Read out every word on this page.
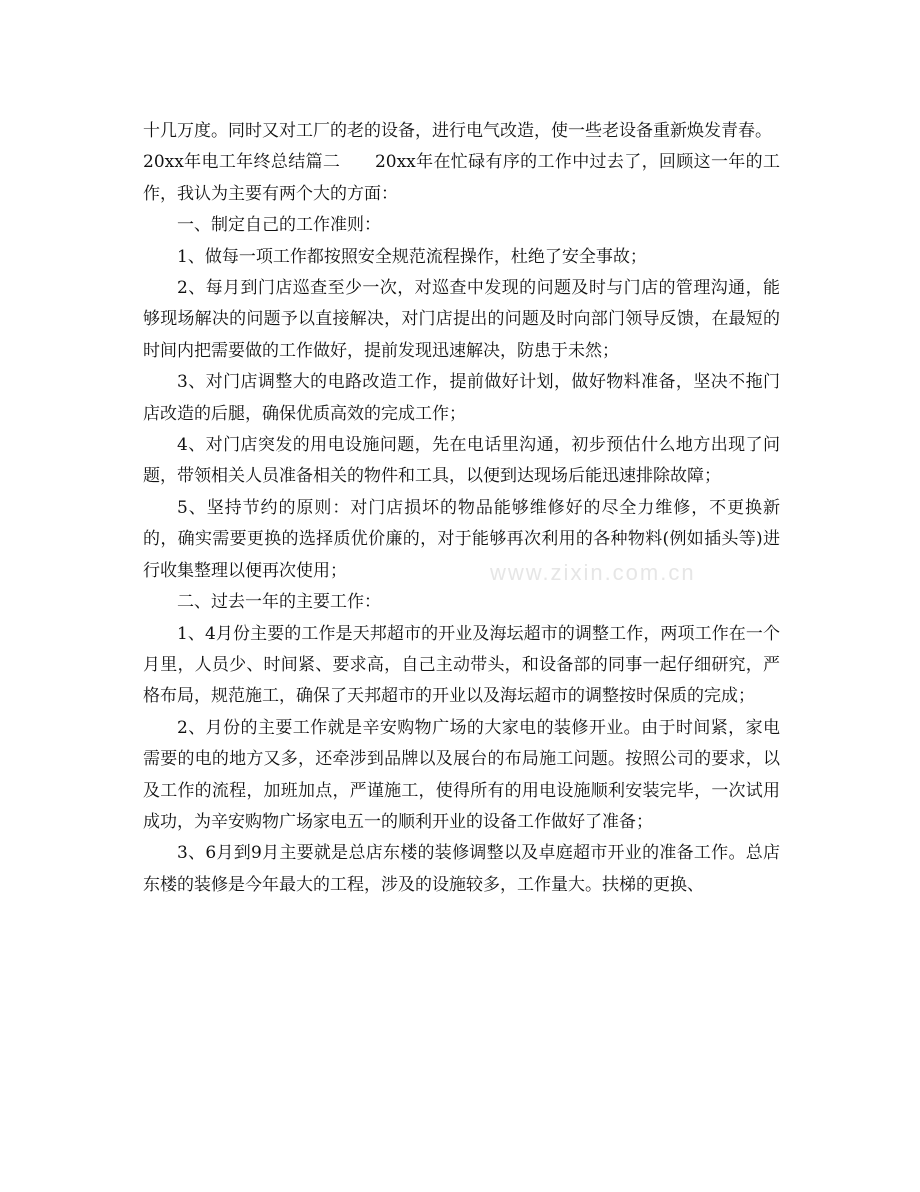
www.zixin.com.cn

十几万度。同时又对工厂的老的设备，进行电气改造，使一些老设备重新焕发青春。

20xx年电工年终总结篇二　　20xx年在忙碌有序的工作中过去了，回顾这一年的工作，我认为主要有两个大的方面：

一、制定自己的工作准则：

1、做每一项工作都按照安全规范流程操作，杜绝了安全事故；

2、每月到门店巡查至少一次，对巡查中发现的问题及时与门店的管理沟通，能够现场解决的问题予以直接解决，对门店提出的问题及时向部门领导反馈，在最短的时间内把需要做的工作做好，提前发现迅速解决，防患于未然；

3、对门店调整大的电路改造工作，提前做好计划，做好物料准备，坚决不拖门店改造的后腿，确保优质高效的完成工作；

4、对门店突发的用电设施问题，先在电话里沟通，初步预估什么地方出现了问题，带领相关人员准备相关的物件和工具，以便到达现场后能迅速排除故障；

5、坚持节约的原则：对门店损坏的物品能够维修好的尽全力维修，不更换新的，确实需要更换的选择质优价廉的，对于能够再次利用的各种物料(例如插头等)进行收集整理以便再次使用；

二、过去一年的主要工作：

1、4月份主要的工作是天邦超市的开业及海坛超市的调整工作，两项工作在一个月里，人员少、时间紧、要求高，自己主动带头，和设备部的同事一起仔细研究，严格布局，规范施工，确保了天邦超市的开业以及海坛超市的调整按时保质的完成；

2、月份的主要工作就是辛安购物广场的大家电的装修开业。由于时间紧，家电需要的电的地方又多，还牵涉到品牌以及展台的布局施工问题。按照公司的要求，以及工作的流程，加班加点，严谨施工，使得所有的用电设施顺利安装完毕，一次试用成功，为辛安购物广场家电五一的顺利开业的设备工作做好了准备；

3、6月到9月主要就是总店东楼的装修调整以及卓庭超市开业的准备工作。总店东楼的装修是今年最大的工程，涉及的设施较多，工作量大。扶梯的更换、
